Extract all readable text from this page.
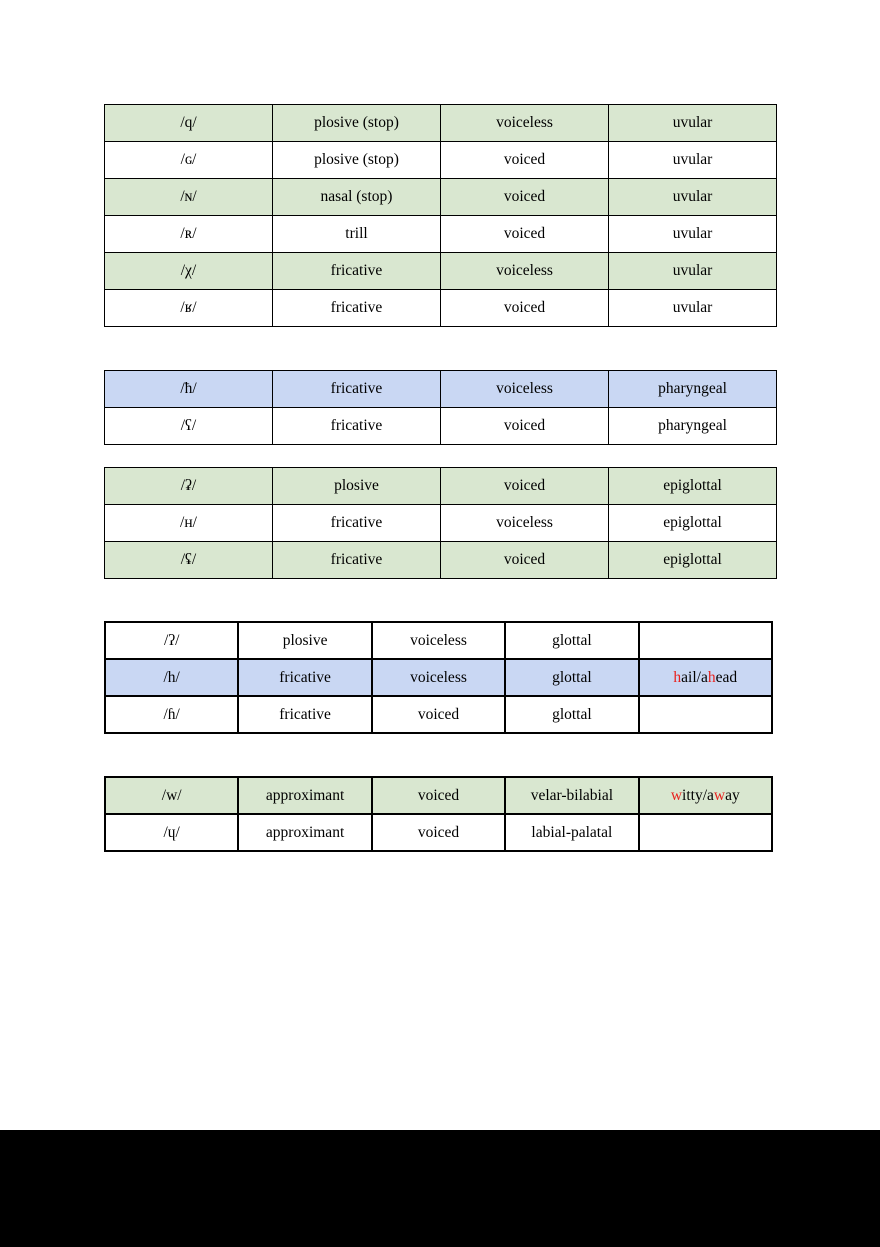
/q/	plosive (stop)	voiceless	uvular
/ɢ/	plosive (stop)	voiced	uvular
/ɴ/	nasal (stop)	voiced	uvular
/ʀ/	trill	voiced	uvular
/χ/	fricative	voiceless	uvular
/ʁ/	fricative	voiced	uvular
/ħ/	fricative	voiceless	pharyngeal
/ʕ/	fricative	voiced	pharyngeal
/ʡ/	plosive	voiced	epiglottal
/ʜ/	fricative	voiceless	epiglottal
/ʢ/	fricative	voiced	epiglottal
/ʔ/	plosive	voiceless	glottal	
/h/	fricative	voiceless	glottal	hail/ahead
/ɦ/	fricative	voiced	glottal	
/w/	approximant	voiced	velar-bilabial	witty/away
/ɥ/	approximant	voiced	labial-palatal	
